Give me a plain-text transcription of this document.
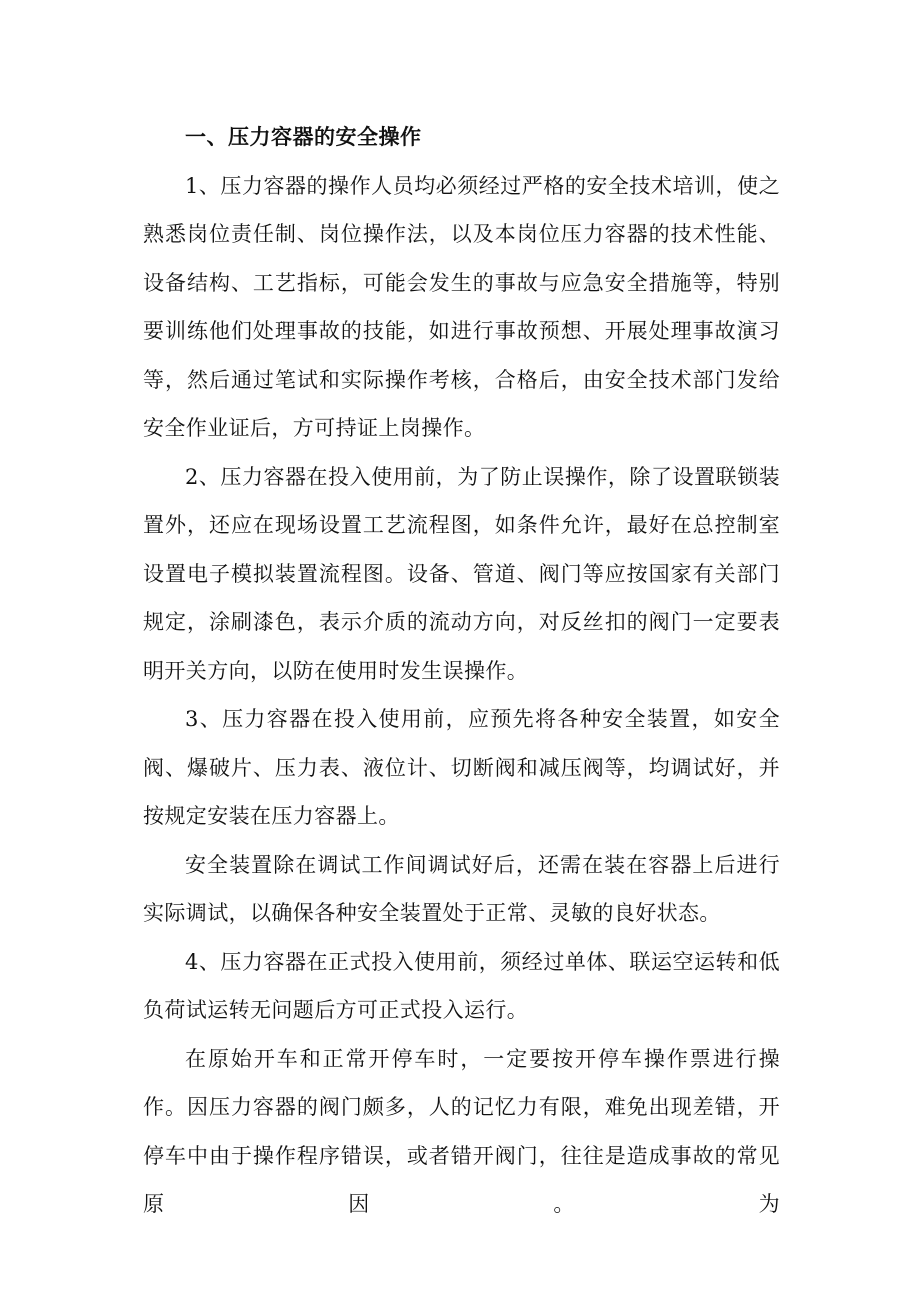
一、压力容器的安全操作

1、压力容器的操作人员均必须经过严格的安全技术培训，使之熟悉岗位责任制、岗位操作法，以及本岗位压力容器的技术性能、设备结构、工艺指标，可能会发生的事故与应急安全措施等，特别要训练他们处理事故的技能，如进行事故预想、开展处理事故演习等，然后通过笔试和实际操作考核，合格后，由安全技术部门发给安全作业证后，方可持证上岗操作。

2、压力容器在投入使用前，为了防止误操作，除了设置联锁装置外，还应在现场设置工艺流程图，如条件允许，最好在总控制室设置电子模拟装置流程图。设备、管道、阀门等应按国家有关部门规定，涂刷漆色，表示介质的流动方向，对反丝扣的阀门一定要表明开关方向，以防在使用时发生误操作。

3、压力容器在投入使用前，应预先将各种安全装置，如安全阀、爆破片、压力表、液位计、切断阀和减压阀等，均调试好，并按规定安装在压力容器上。

安全装置除在调试工作间调试好后，还需在装在容器上后进行实际调试，以确保各种安全装置处于正常、灵敏的良好状态。

4、压力容器在正式投入使用前，须经过单体、联运空运转和低负荷试运转无问题后方可正式投入运行。

在原始开车和正常开停车时，一定要按开停车操作票进行操作。因压力容器的阀门颇多，人的记忆力有限，难免出现差错，开停车中由于操作程序错误，或者错开阀门，往往是造成事故的常见原因。为
